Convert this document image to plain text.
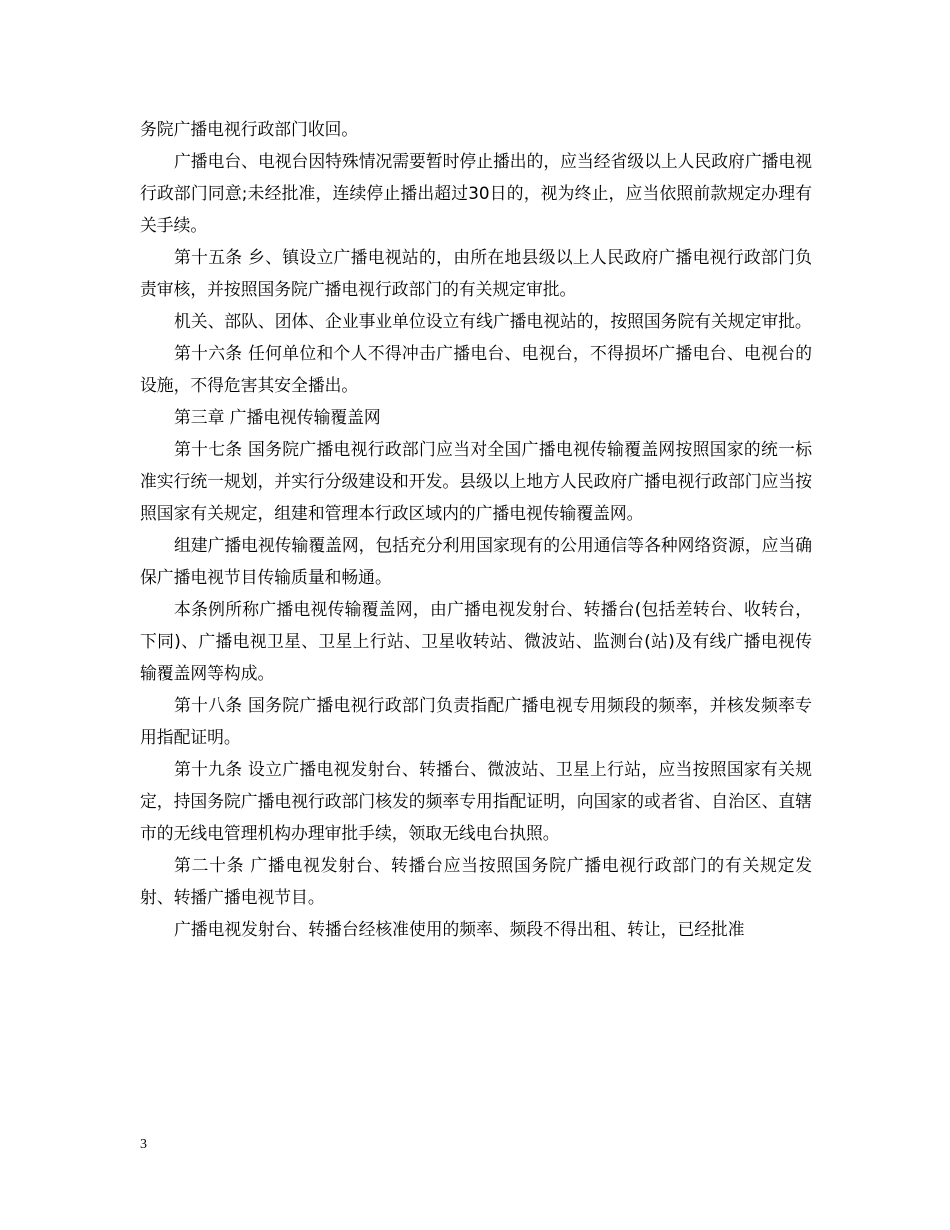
务院广播电视行政部门收回。

广播电台、电视台因特殊情况需要暂时停止播出的，应当经省级以上人民政府广播电视行政部门同意;未经批准，连续停止播出超过30日的，视为终止，应当依照前款规定办理有关手续。

第十五条 乡、镇设立广播电视站的，由所在地县级以上人民政府广播电视行政部门负责审核，并按照国务院广播电视行政部门的有关规定审批。

机关、部队、团体、企业事业单位设立有线广播电视站的，按照国务院有关规定审批。

第十六条 任何单位和个人不得冲击广播电台、电视台，不得损坏广播电台、电视台的设施，不得危害其安全播出。

第三章 广播电视传输覆盖网

第十七条 国务院广播电视行政部门应当对全国广播电视传输覆盖网按照国家的统一标准实行统一规划，并实行分级建设和开发。县级以上地方人民政府广播电视行政部门应当按照国家有关规定，组建和管理本行政区域内的广播电视传输覆盖网。

组建广播电视传输覆盖网，包括充分利用国家现有的公用通信等各种网络资源，应当确保广播电视节目传输质量和畅通。

本条例所称广播电视传输覆盖网，由广播电视发射台、转播台(包括差转台、收转台，下同)、广播电视卫星、卫星上行站、卫星收转站、微波站、监测台(站)及有线广播电视传输覆盖网等构成。

第十八条 国务院广播电视行政部门负责指配广播电视专用频段的频率，并核发频率专用指配证明。

第十九条 设立广播电视发射台、转播台、微波站、卫星上行站，应当按照国家有关规定，持国务院广播电视行政部门核发的频率专用指配证明，向国家的或者省、自治区、直辖市的无线电管理机构办理审批手续，领取无线电台执照。

第二十条 广播电视发射台、转播台应当按照国务院广播电视行政部门的有关规定发射、转播广播电视节目。

广播电视发射台、转播台经核准使用的频率、频段不得出租、转让，已经批准

3
